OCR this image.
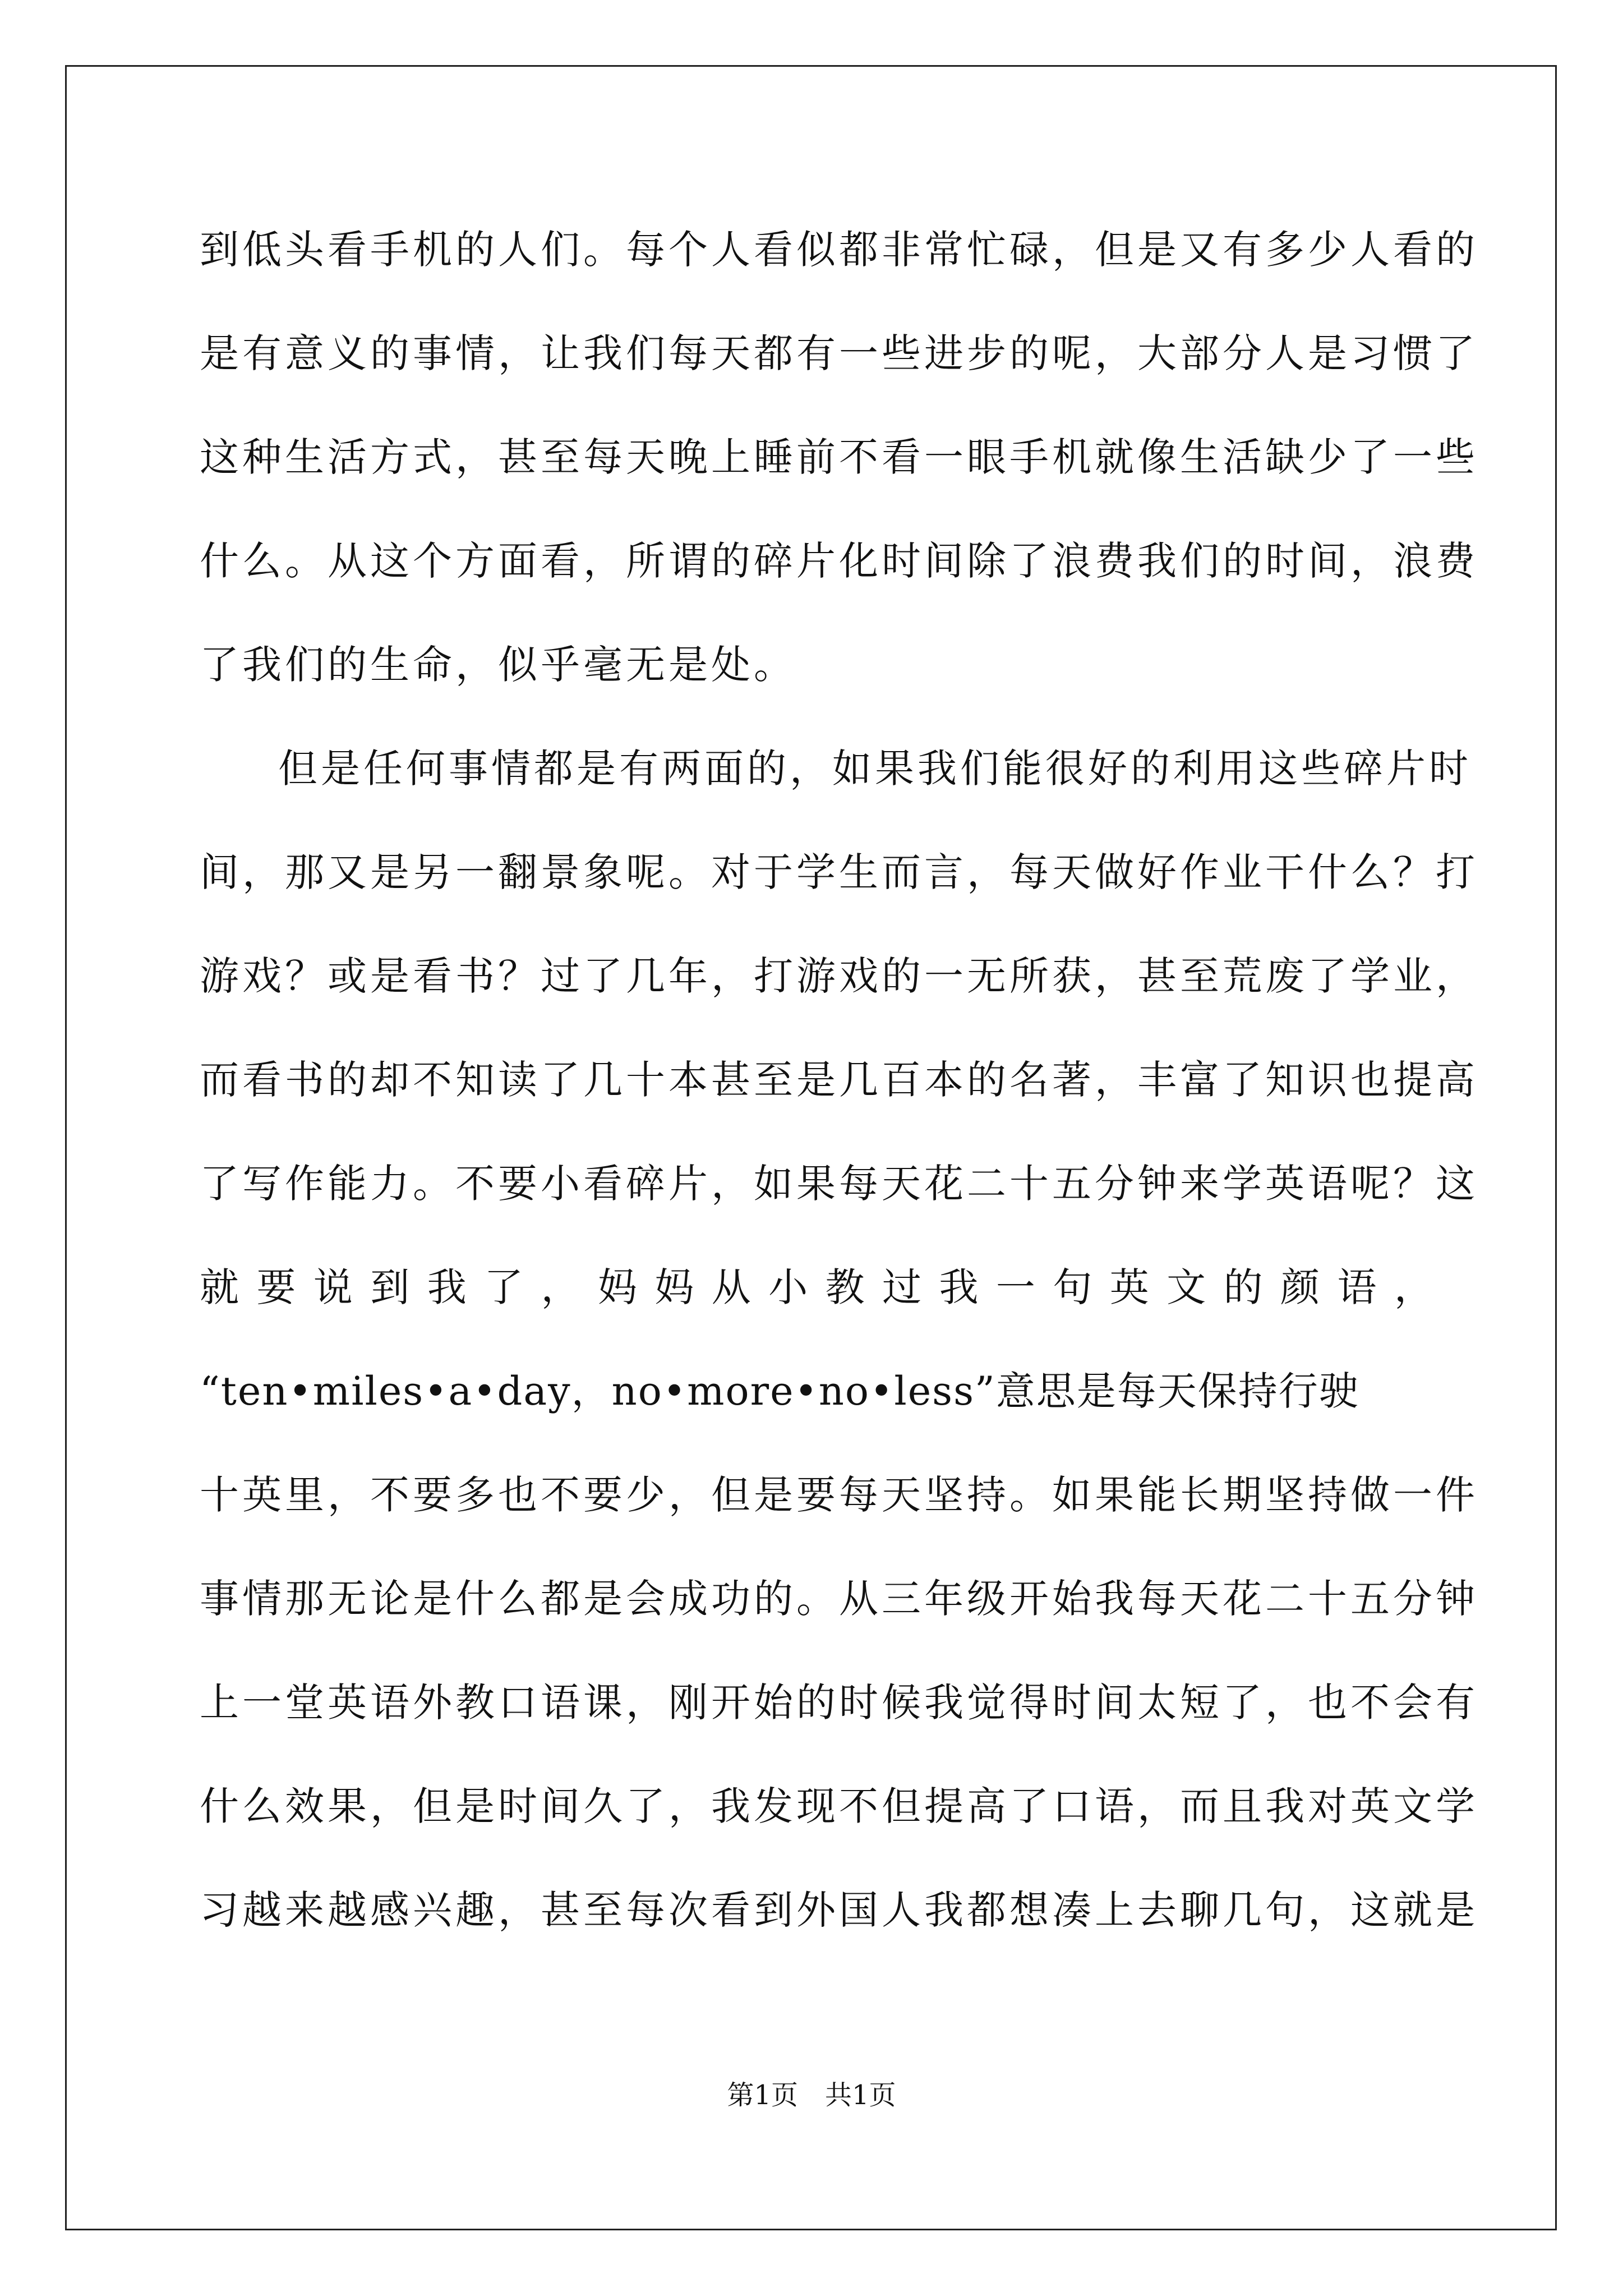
到低头看手机的人们。每个人看似都非常忙碌，但是又有多少人看的
是有意义的事情，让我们每天都有一些进步的呢，大部分人是习惯了
这种生活方式，甚至每天晚上睡前不看一眼手机就像生活缺少了一些
什么。从这个方面看，所谓的碎片化时间除了浪费我们的时间，浪费
了我们的生命，似乎毫无是处。
但是任何事情都是有两面的，如果我们能很好的利用这些碎片时
间，那又是另一翻景象呢。对于学生而言，每天做好作业干什么？打
游戏？或是看书？过了几年，打游戏的一无所获，甚至荒废了学业，
而看书的却不知读了几十本甚至是几百本的名著，丰富了知识也提高
了写作能力。不要小看碎片，如果每天花二十五分钟来学英语呢？这
就 要 说 到 我 了 ， 妈 妈 从 小 教 过 我 一 句 英 文 的 颜 语 ，
“ten•miles•a•day，no•more•no•less”意思是每天保持行驶
十英里，不要多也不要少，但是要每天坚持。如果能长期坚持做一件
事情那无论是什么都是会成功的。从三年级开始我每天花二十五分钟
上一堂英语外教口语课，刚开始的时候我觉得时间太短了，也不会有
什么效果，但是时间久了，我发现不但提高了口语，而且我对英文学
习越来越感兴趣，甚至每次看到外国人我都想凑上去聊几句，这就是
第1页　共1页
